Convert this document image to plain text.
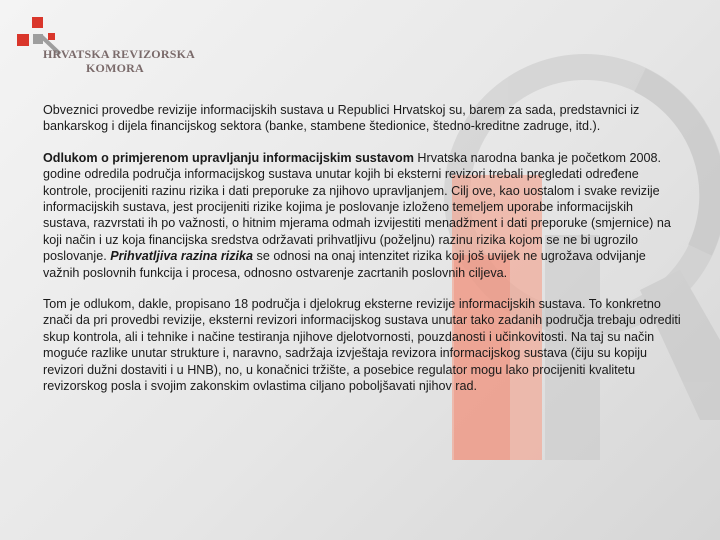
HRVATSKA REVIZORSKA
KOMORA

Obveznici provedbe revizije informacijskih sustava u Republici Hrvatskoj su, barem za sada, predstavnici iz bankarskog i dijela financijskog sektora (banke, stambene štedionice, štedno-kreditne zadruge, itd.).

Odlukom o primjerenom upravljanju informacijskim sustavom Hrvatska narodna banka je početkom 2008. godine odredila područja informacijskog sustava unutar kojih bi eksterni revizori trebali pregledati određene kontrole, procijeniti razinu rizika i dati preporuke za njihovo upravljanjem. Cilj ove, kao uostalom i svake revizije informacijskih sustava, jest procijeniti rizike kojima je poslovanje izloženo temeljem uporabe informacijskih sustava, razvrstati ih po važnosti, o hitnim mjerama odmah izvijestiti menadžment i dati preporuke (smjernice) na koji način i uz koja financijska sredstva održavati prihvatljivu (poželjnu) razinu rizika kojom se ne bi ugrozilo poslovanje. Prihvatljiva razina rizika se odnosi na onaj intenzitet rizika koji još uvijek ne ugrožava odvijanje važnih poslovnih funkcija i procesa, odnosno ostvarenje zacrtanih poslovnih ciljeva.

Tom je odlukom, dakle, propisano 18 područja i djelokrug eksterne revizije informacijskih sustava. To konkretno znači da pri provedbi revizije, eksterni revizori informacijskog sustava unutar tako zadanih područja trebaju odrediti skup kontrola, ali i tehnike i načine testiranja njihove djelotvornosti, pouzdanosti i učinkovitosti. Na taj su način moguće razlike unutar strukture i, naravno, sadržaja izvještaja revizora informacijskog sustava (čiju su kopiju revizori dužni dostaviti i u HNB), no, u konačnici tržište, a posebice regulator mogu lako procijeniti kvalitetu revizorskog posla i svojim zakonskim ovlastima ciljano poboljšavati njihov rad.
